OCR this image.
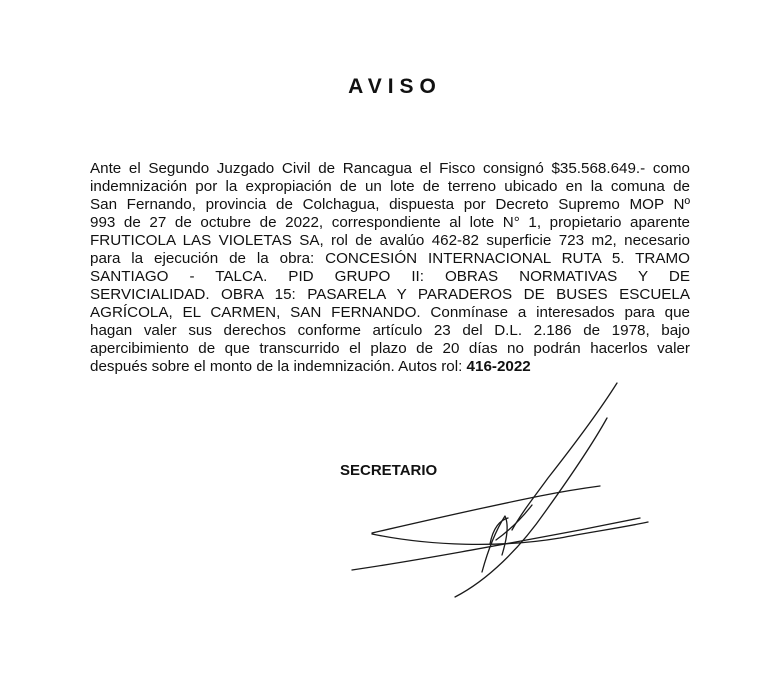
AVISO
Ante el Segundo Juzgado Civil de Rancagua el Fisco consignó $35.568.649.- como
indemnización por la expropiación de un lote de terreno ubicado en la comuna de
San Fernando, provincia de Colchagua, dispuesta por Decreto Supremo MOP Nº
993 de 27 de octubre de 2022, correspondiente al lote N° 1, propietario aparente
FRUTICOLA LAS VIOLETAS SA, rol de avalúo 462-82 superficie 723 m2, necesario
para la ejecución de la obra: CONCESIÓN INTERNACIONAL RUTA 5. TRAMO
SANTIAGO - TALCA. PID GRUPO II: OBRAS NORMATIVAS Y DE
SERVICIALIDAD. OBRA 15: PASARELA Y PARADEROS DE BUSES ESCUELA
AGRÍCOLA, EL CARMEN, SAN FERNANDO. Conmínase a interesados para que
hagan valer sus derechos conforme artículo 23 del D.L. 2.186 de 1978, bajo
apercibimiento de que transcurrido el plazo de 20 días no podrán hacerlos valer
después sobre el monto de la indemnización. Autos rol: 416-2022

SECRETARIO
